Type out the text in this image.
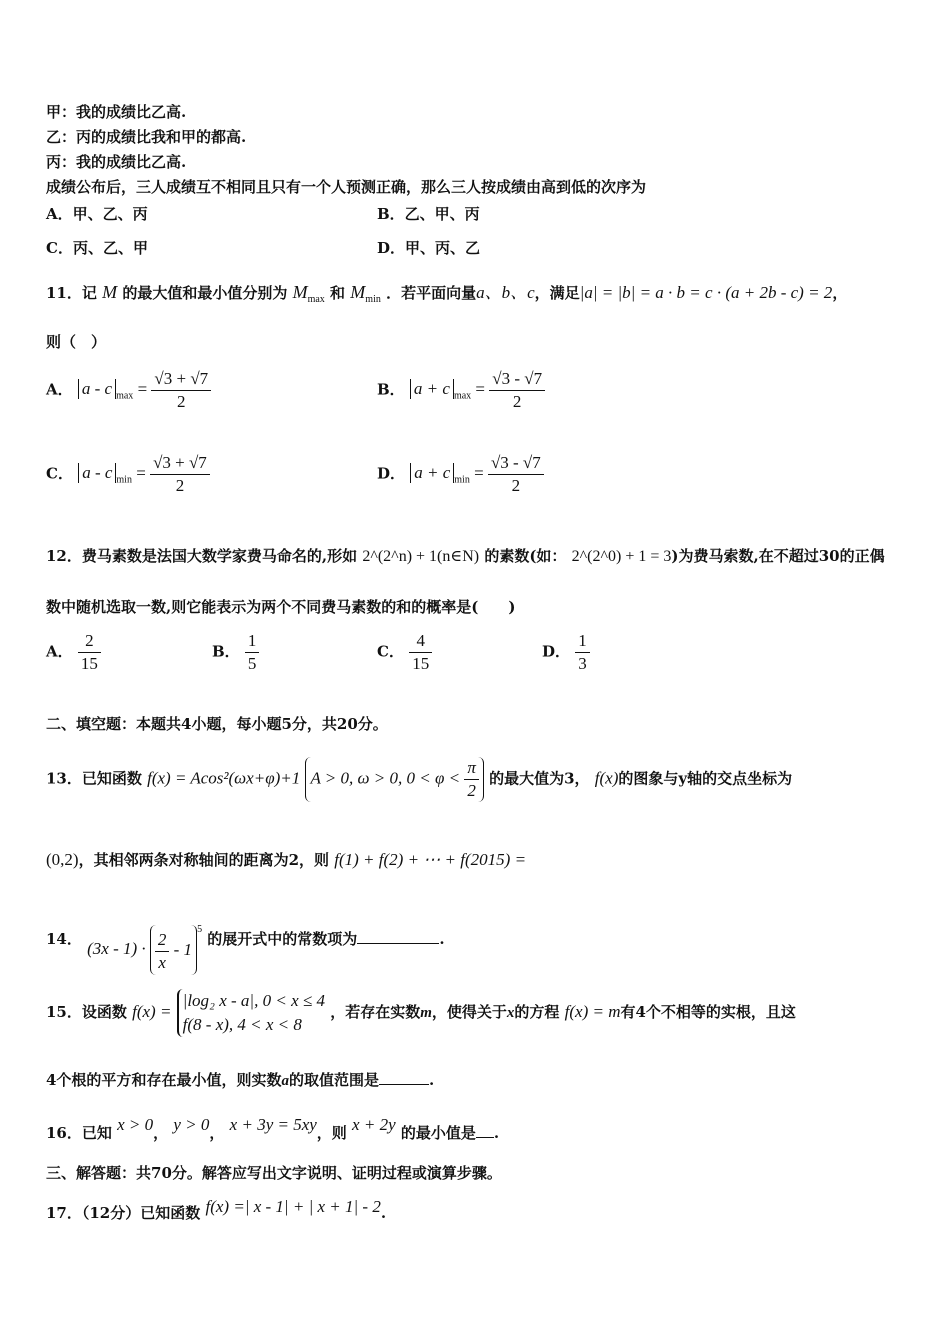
甲：我的成绩比乙高.
乙：丙的成绩比我和甲的都高.
丙：我的成绩比乙高.
成绩公布后，三人成绩互不相同且只有一个人预测正确，那么三人按成绩由高到低的次序为
A．甲、乙、丙	B．乙、甲、丙
C．丙、乙、甲	D．甲、丙、乙
11．记 M 的最大值和最小值分别为 $M_{max}$ 和 $M_{min}$ ．若平面向量a、b、c，满足|a| = |b| = a · b = c · (a + 2b - c) = 2，
则（　）
A． a - c $_{max} = \frac{√3 + √7}{2}$	B． a + c $_{max} = \frac{√3 - √7}{2}$
C． a - c $_{min} = \frac{√3 + √7}{2}$	D． a + c $_{min} = \frac{√3 - √7}{2}$
12．费马素数是法国大数学家费马命名的,形如 2^(2^n) + 1(n∈N) 的素数(如： 2^(2^0) + 1 = 3)为费马索数,在不超过30的正偶
数中随机选取一数,则它能表示为两个不同费马素数的和的概率是(　　)
A． $\frac{2}{15}$	B． $\frac{1}{5}$	C． $\frac{4}{15}$	D． $\frac{1}{3}$
二、填空题：本题共4小题，每小题5分，共20分。
13．已知函数 f(x) = Acos²(ωx+φ)+1 A > 0, ω > 0, $0 < \varphi < \frac{\pi}{2}$ 的最大值为3， f(x)的图象与y轴的交点坐标为
(0,2)，其相邻两条对称轴间的距离为2，则 f(1) + f(2) + ⋯ + f(2015) =
14． $(3x - 1) \cdot \frac{2}{x} - 1^5$ 的展开式中的常数项为	.
15．设函数 f(x) =
|log₂ x - a|, 0 < x ≤ 4
f(8 - x), 4 < x < 8
，若存在实数m，使得关于x的方程 f(x) = m有4个不相等的实根，且这
4个根的平方和存在最小值，则实数a的取值范围是	.
16．已知 x > 0， y > 0， x + 3y = 5xy，则 x + 2y 的最小值是 .
三、解答题：共70分。解答应写出文字说明、证明过程或演算步骤。
17．（12分）已知函数 f(x) =| x - 1| + | x + 1| - 2.
